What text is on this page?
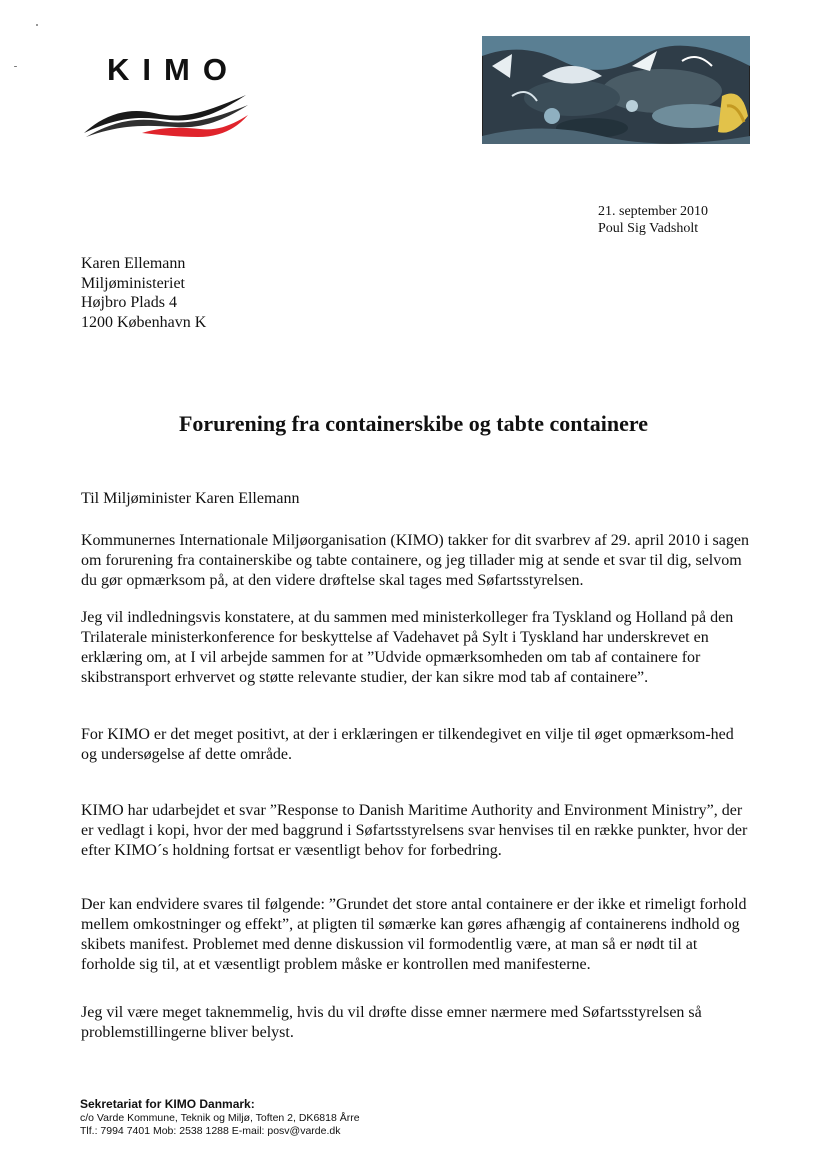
KIMO
21. september 2010
Poul Sig Vadsholt
Karen Ellemann
Miljøministeriet
Højbro Plads 4
1200 København K
Forurening fra containerskibe og tabte containere
Til Miljøminister Karen Ellemann

Kommunernes Internationale Miljøorganisation (KIMO) takker for dit svarbrev af 29. april 2010 i sagen om forurening fra containerskibe og tabte containere, og jeg tillader mig at sende et svar til dig, selvom du gør opmærksom på, at den videre drøftelse skal tages med Søfartsstyrelsen.

Jeg vil indledningsvis konstatere, at du sammen med ministerkolleger fra Tyskland og Holland på den Trilaterale ministerkonference for beskyttelse af Vadehavet på Sylt i Tyskland har underskrevet en erklæring om, at I vil arbejde sammen for at ”Udvide opmærksomheden om tab af containere for skibstransport erhvervet og støtte relevante studier, der kan sikre mod tab af containere”.

For KIMO er det meget positivt, at der i erklæringen er tilkendegivet en vilje til øget opmærksom-hed og undersøgelse af dette område.

KIMO har udarbejdet et svar ”Response to Danish Maritime Authority and Environment Ministry”, der er vedlagt i kopi, hvor der med baggrund i Søfartsstyrelsens svar henvises til en række punkter, hvor der efter KIMO´s holdning fortsat er væsentligt behov for forbedring.

Der kan endvidere svares til følgende: ”Grundet det store antal containere er der ikke et rimeligt forhold mellem omkostninger og effekt”, at pligten til sømærke kan gøres afhængig af containerens indhold og skibets manifest. Problemet med denne diskussion vil formodentlig være, at man så er nødt til at forholde sig til, at et væsentligt problem måske er kontrollen med manifesterne.

Jeg vil være meget taknemmelig, hvis du vil drøfte disse emner nærmere med Søfartsstyrelsen så problemstillingerne bliver belyst.

Sekretariat for KIMO Danmark:
c/o Varde Kommune, Teknik og Miljø, Toften 2, DK6818 Årre
Tlf.: 7994 7401 Mob: 2538 1288 E-mail: posv@varde.dk
